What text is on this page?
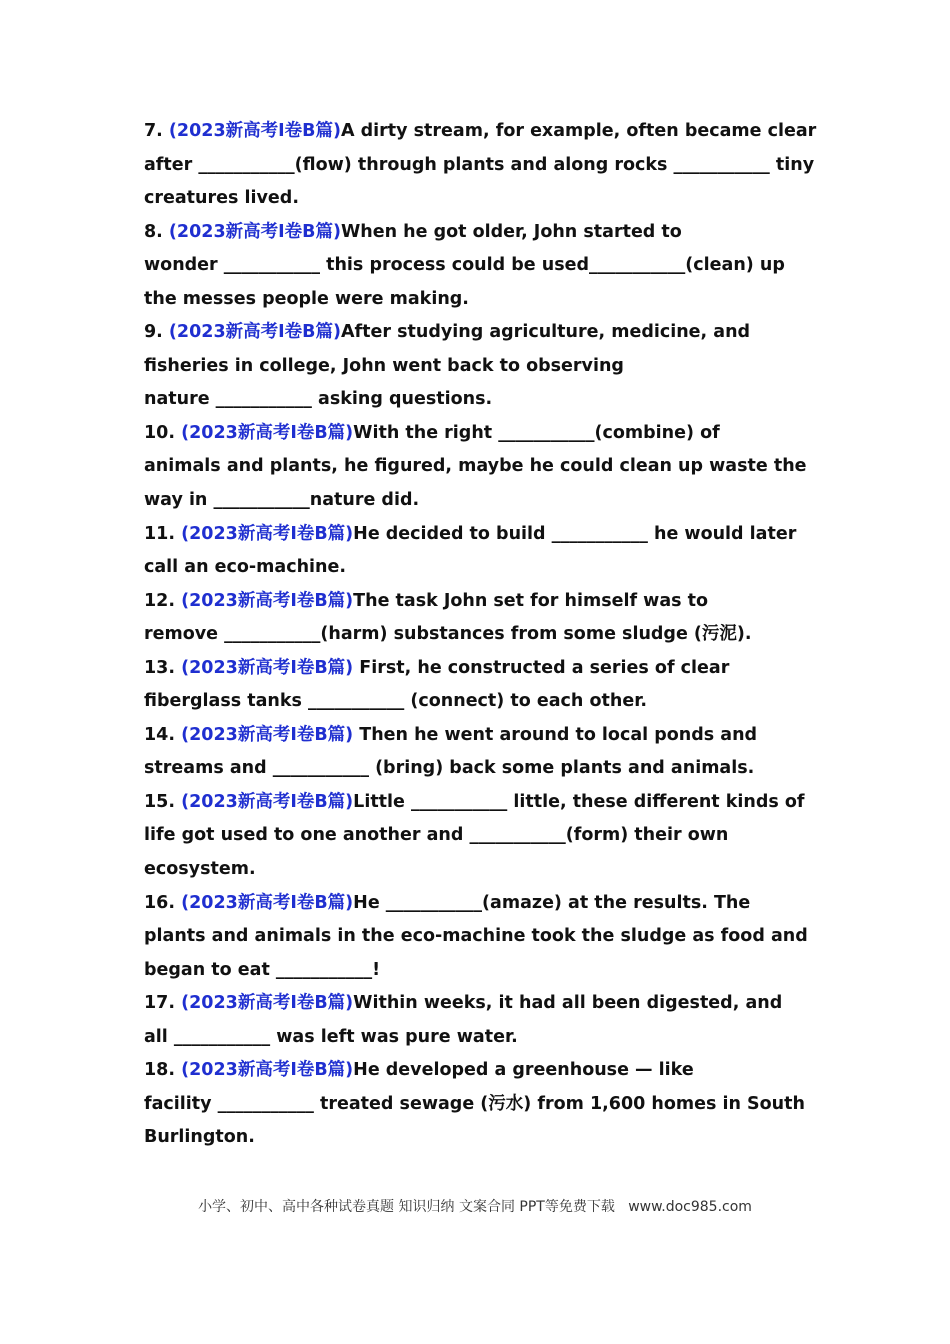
7. (2023新高考I卷B篇)A dirty stream, for example, often became clear
after ___________(flow) through plants and along rocks ___________ tiny
creatures lived.
8. (2023新高考I卷B篇)When he got older, John started to
wonder ___________ this process could be used___________(clean) up
the messes people were making.
9. (2023新高考I卷B篇)After studying agriculture, medicine, and
fisheries in college, John went back to observing
nature ___________ asking questions.
10. (2023新高考I卷B篇)With the right ___________(combine) of
animals and plants, he figured, maybe he could clean up waste the
way in ___________nature did.
11. (2023新高考I卷B篇)He decided to build ___________ he would later
call an eco-machine.
12. (2023新高考I卷B篇)The task John set for himself was to
remove ___________(harm) substances from some sludge (污泥).
13. (2023新高考I卷B篇) First, he constructed a series of clear
fiberglass tanks ___________ (connect) to each other.
14. (2023新高考I卷B篇) Then he went around to local ponds and
streams and ___________ (bring) back some plants and animals.
15. (2023新高考I卷B篇)Little ___________ little, these different kinds of
life got used to one another and ___________(form) their own
ecosystem.
16. (2023新高考I卷B篇)He ___________(amaze) at the results. The
plants and animals in the eco-machine took the sludge as food and
began to eat ___________!
17. (2023新高考I卷B篇)Within weeks, it had all been digested, and
all ___________ was left was pure water.
18. (2023新高考I卷B篇)He developed a greenhouse — like
facility ___________ treated sewage (污水) from 1,600 homes in South
Burlington.
小学、初中、高中各种试卷真题 知识归纳 文案合同 PPT等免费下载   www.doc985.com
